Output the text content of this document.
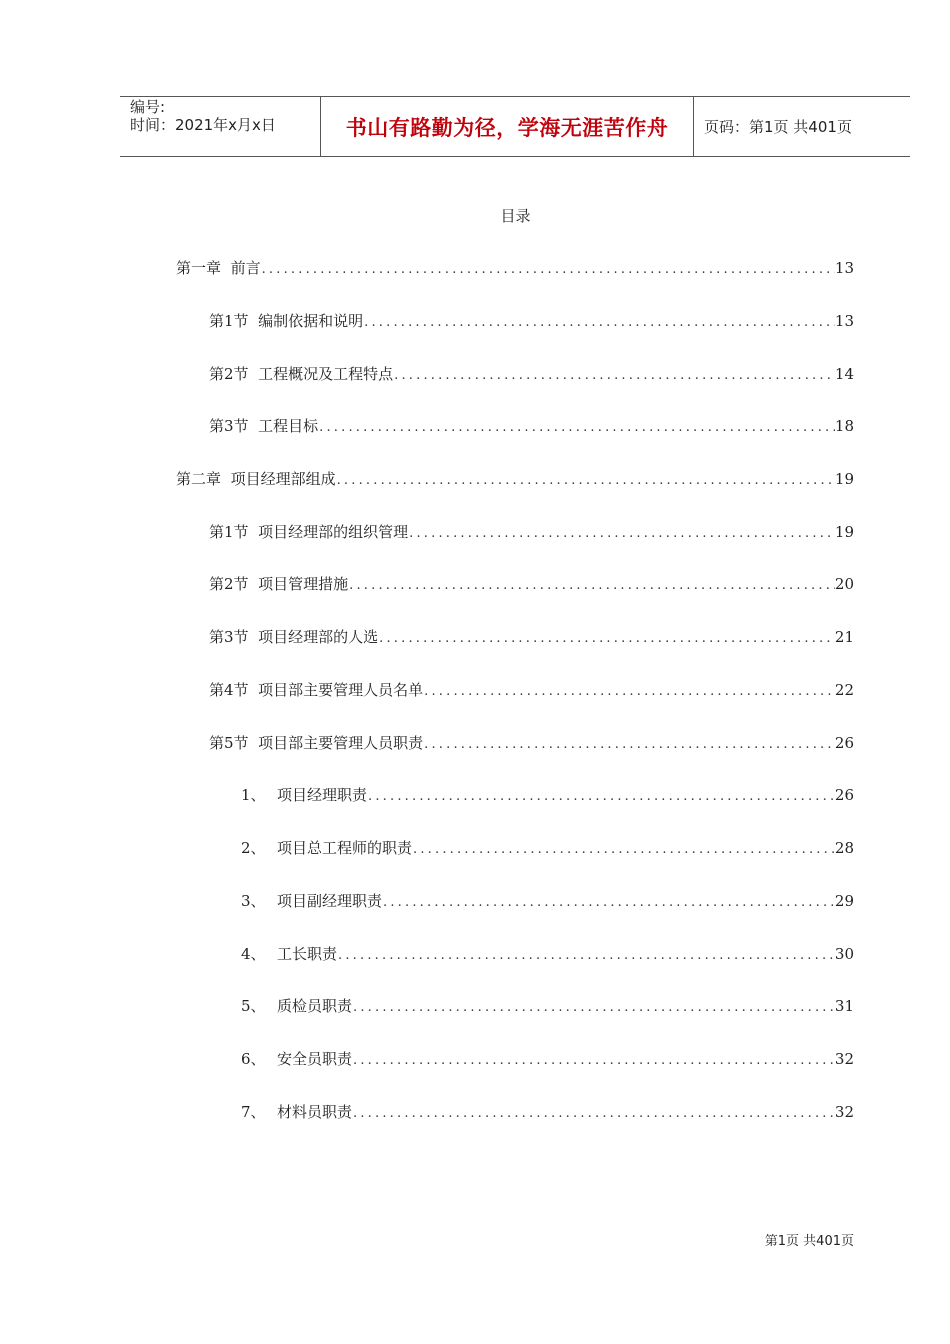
编号:
时间：2021年x月x日	书山有路勤为径，学海无涯苦作舟	页码：第1页 共401页
目录
第一章 前言 .....	13
第1节 编制依据和说明 .....	13
第2节 工程概况及工程特点 .....	14
第3节 工程目标 .....	18
第二章 项目经理部组成 .....	19
第1节 项目经理部的组织管理 .....	19
第2节 项目管理措施 .....	20
第3节 项目经理部的人选 .....	21
第4节 项目部主要管理人员名单 .....	22
第5节 项目部主要管理人员职责 .....	26
1、 项目经理职责 .....	26
2、 项目总工程师的职责 .....	28
3、 项目副经理职责 .....	29
4、 工长职责 .....	30
5、 质检员职责 .....	31
6、 安全员职责 .....	32
7、 材料员职责 .....	32
第1页 共401页
